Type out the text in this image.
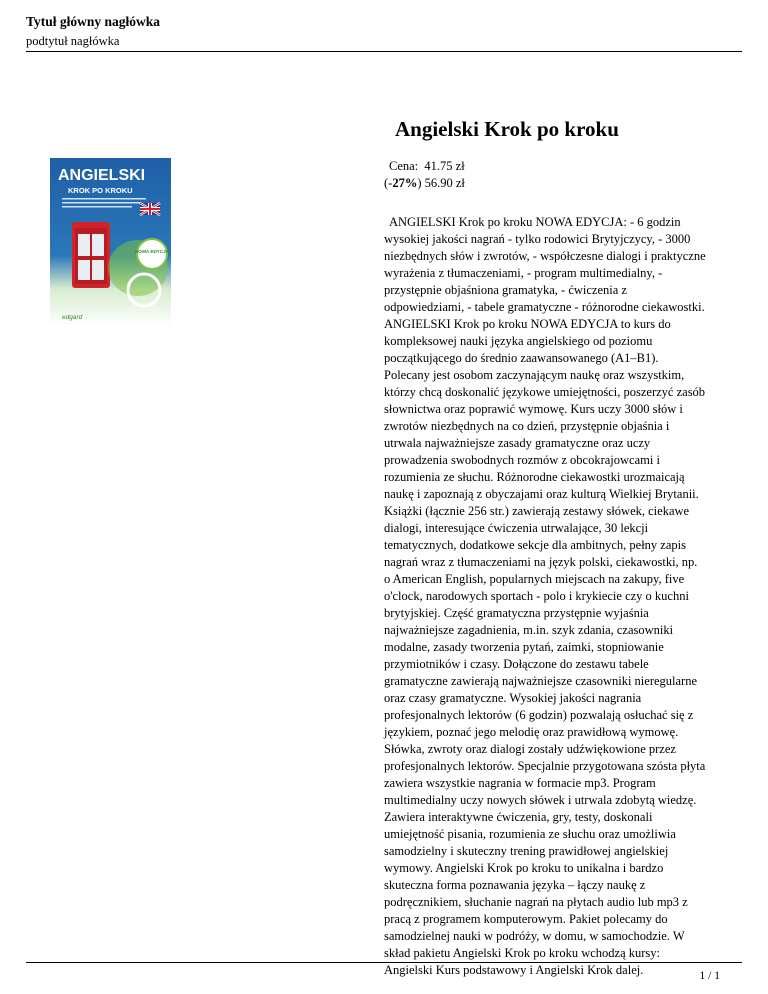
Tytuł główny nagłówka
podtytuł nagłówka
Angielski Krok po kroku
Cena: 41.75 zł
(-27%) 56.90 zł
ANGIELSKI Krok po kroku NOWA EDYCJA: - 6 godzin wysokiej jakości nagrań - tylko rodowici Brytyjczycy, - 3000 niezbędnych słów i zwrotów, - współczesne dialogi i praktyczne wyrażenia z tłumaczeniami, - program multimedialny, - przystępnie objaśniona gramatyka, - ćwiczenia z odpowiedziami, - tabele gramatyczne - różnorodne ciekawostki. ANGIELSKI Krok po kroku NOWA EDYCJA to kurs do kompleksowej nauki języka angielskiego od poziomu początkującego do średnio zaawansowanego (A1–B1). Polecany jest osobom zaczynającym naukę oraz wszystkim, którzy chcą doskonalić językowe umiejętności, poszerzyć zasób słownictwa oraz poprawić wymowę. Kurs uczy 3000 słów i zwrotów niezbędnych na co dzień, przystępnie objaśnia i utrwala najważniejsze zasady gramatyczne oraz uczy prowadzenia swobodnych rozmów z obcokrajowcami i rozumienia ze słuchu. Różnorodne ciekawostki urozmaicają naukę i zapoznają z obyczajami oraz kulturą Wielkiej Brytanii. Książki (łącznie 256 str.) zawierają zestawy słówek, ciekawe dialogi, interesujące ćwiczenia utrwalające, 30 lekcji tematycznych, dodatkowe sekcje dla ambitnych, pełny zapis nagrań wraz z tłumaczeniami na język polski, ciekawostki, np. o American English, popularnych miejscach na zakupy, five o'clock, narodowych sportach - polo i krykiecie czy o kuchni brytyjskiej. Część gramatyczna przystępnie wyjaśnia najważniejsze zagadnienia, m.in. szyk zdania, czasowniki modalne, zasady tworzenia pytań, zaimki, stopniowanie przymiotników i czasy. Dołączone do zestawu tabele gramatyczne zawierają najważniejsze czasowniki nieregularne oraz czasy gramatyczne. Wysokiej jakości nagrania profesjonalnych lektorów (6 godzin) pozwalają osłuchać się z językiem, poznać jego melodię oraz prawidłową wymowę. Słówka, zwroty oraz dialogi zostały udźwiękowione przez profesjonalnych lektorów. Specjalnie przygotowana szósta płyta zawiera wszystkie nagrania w formacie mp3. Program multimedialny uczy nowych słówek i utrwala zdobytą wiedzę. Zawiera interaktywne ćwiczenia, gry, testy, doskonali umiejętność pisania, rozumienia ze słuchu oraz umożliwia samodzielny i skuteczny trening prawidłowej angielskiej wymowy. Angielski Krok po kroku to unikalna i bardzo skuteczna forma poznawania języka – łączy naukę z podręcznikiem, słuchanie nagrań na płytach audio lub mp3 z pracą z programem komputerowym. Pakiet polecamy do samodzielnej nauki w podróży, w domu, w samochodzie. W skład pakietu Angielski Krok po kroku wchodzą kursy: Angielski Kurs podstawowy i Angielski Krok dalej.
ANGIELSKI
KROK PO KROKU
NOWA EDYCJA
edgard
1 / 1
